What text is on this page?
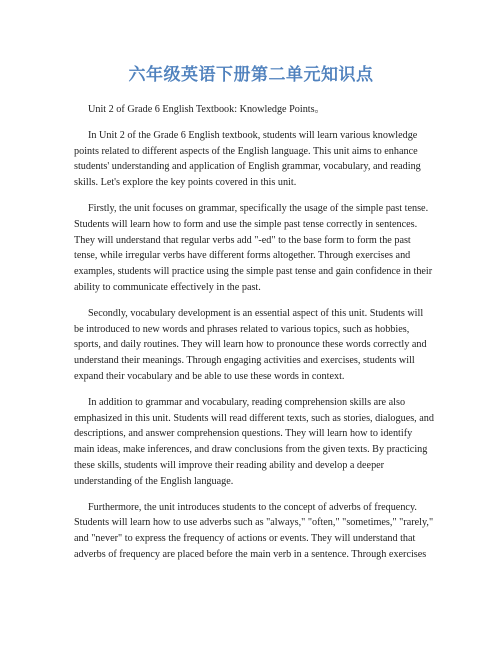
六年级英语下册第二单元知识点

Unit 2 of Grade 6 English Textbook: Knowledge Points。

In Unit 2 of the Grade 6 English textbook, students will learn various knowledge points related to different aspects of the English language. This unit aims to enhance students' understanding and application of English grammar, vocabulary, and reading skills. Let's explore the key points covered in this unit.

Firstly, the unit focuses on grammar, specifically the usage of the simple past tense. Students will learn how to form and use the simple past tense correctly in sentences. They will understand that regular verbs add "-ed" to the base form to form the past tense, while irregular verbs have different forms altogether. Through exercises and examples, students will practice using the simple past tense and gain confidence in their ability to communicate effectively in the past.

Secondly, vocabulary development is an essential aspect of this unit. Students will be introduced to new words and phrases related to various topics, such as hobbies, sports, and daily routines. They will learn how to pronounce these words correctly and understand their meanings. Through engaging activities and exercises, students will expand their vocabulary and be able to use these words in context.

In addition to grammar and vocabulary, reading comprehension skills are also emphasized in this unit. Students will read different texts, such as stories, dialogues, and descriptions, and answer comprehension questions. They will learn how to identify main ideas, make inferences, and draw conclusions from the given texts. By practicing these skills, students will improve their reading ability and develop a deeper understanding of the English language.

Furthermore, the unit introduces students to the concept of adverbs of frequency. Students will learn how to use adverbs such as "always," "often," "sometimes," "rarely," and "never" to express the frequency of actions or events. They will understand that adverbs of frequency are placed before the main verb in a sentence. Through exercises
